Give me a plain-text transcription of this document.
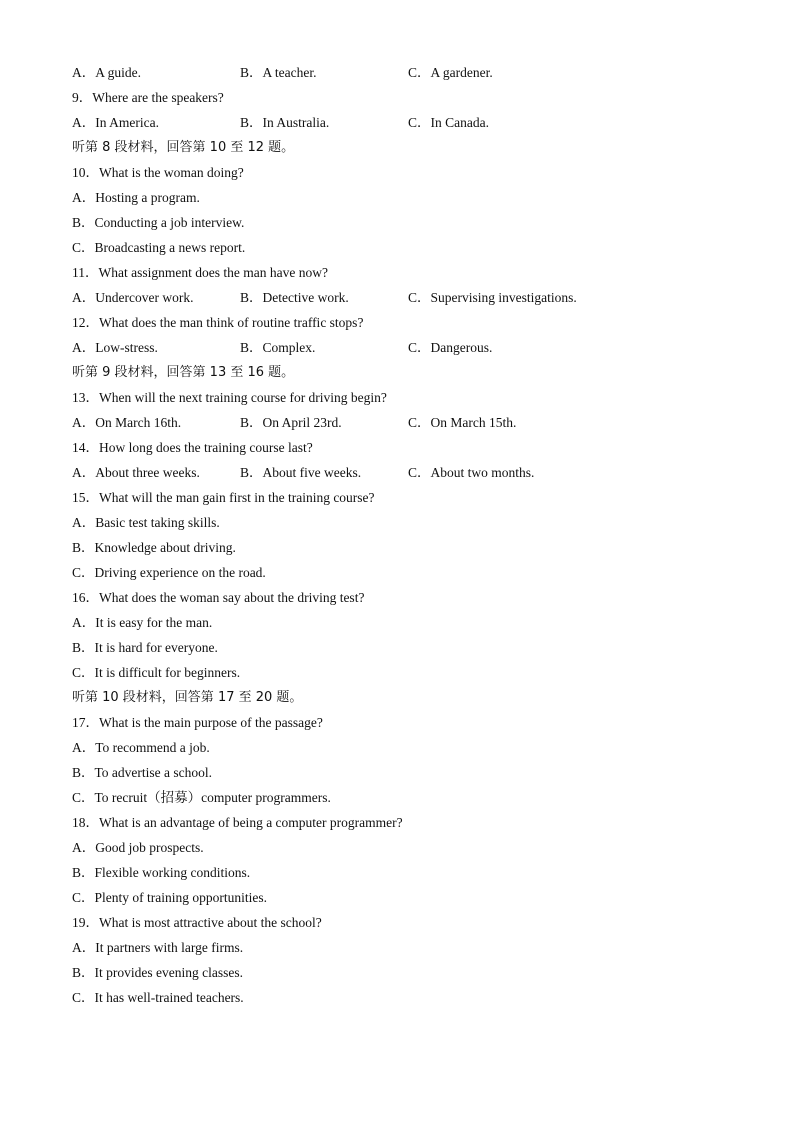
A．A guide.	B．A teacher.	C．A gardener.
9．Where are the speakers?
A．In America.	B．In Australia.	C．In Canada.
听第 8 段材料，回答第 10 至 12 题。
10．What is the woman doing?
A．Hosting a program.
B．Conducting a job interview.
C．Broadcasting a news report.
11．What assignment does the man have now?
A．Undercover work.	B．Detective work.	C．Supervising investigations.
12．What does the man think of routine traffic stops?
A．Low-stress.	B．Complex.	C．Dangerous.
听第 9 段材料，回答第 13 至 16 题。
13．When will the next training course for driving begin?
A．On March 16th.	B．On April 23rd.	C．On March 15th.
14．How long does the training course last?
A．About three weeks.	B．About five weeks.	C．About two months.
15．What will the man gain first in the training course?
A．Basic test taking skills.
B．Knowledge about driving.
C．Driving experience on the road.
16．What does the woman say about the driving test?
A．It is easy for the man.
B．It is hard for everyone.
C．It is difficult for beginners.
听第 10 段材料，回答第 17 至 20 题。
17．What is the main purpose of the passage?
A．To recommend a job.
B．To advertise a school.
C．To recruit（招募）computer programmers.
18．What is an advantage of being a computer programmer?
A．Good job prospects.
B．Flexible working conditions.
C．Plenty of training opportunities.
19．What is most attractive about the school?
A．It partners with large firms.
B．It provides evening classes.
C．It has well-trained teachers.
